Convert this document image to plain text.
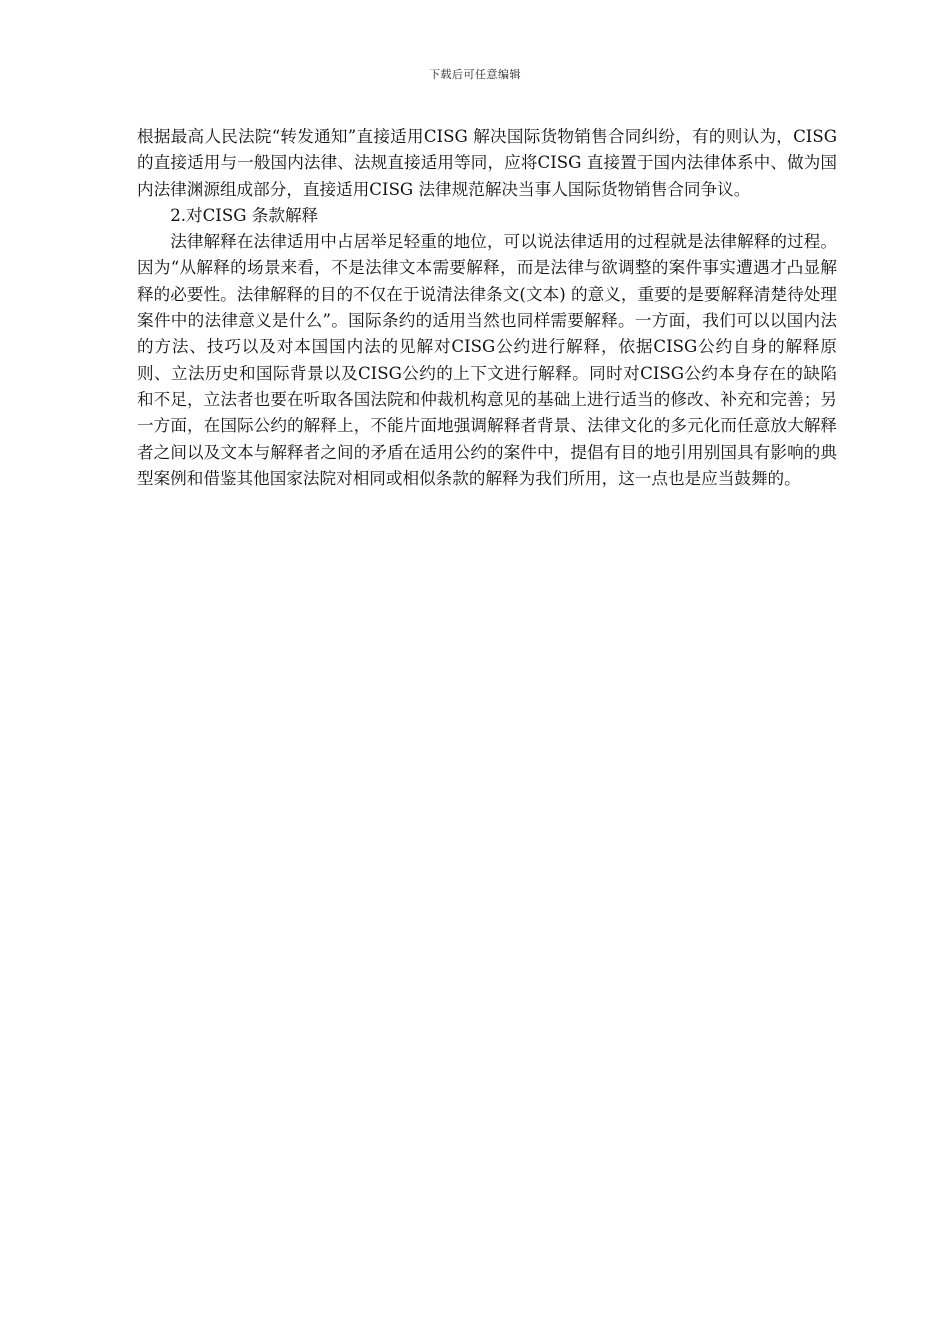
下载后可任意编辑

根据最高人民法院“转发通知”直接适用CISG 解决国际货物销售合同纠纷，有的则认为，CISG 的直接适用与一般国内法律、法规直接适用等同，应将CISG 直接置于国内法律体系中、做为国内法律渊源组成部分，直接适用CISG 法律规范解决当事人国际货物销售合同争议。

2.对CISG 条款解释

法律解释在法律适用中占居举足轻重的地位，可以说法律适用的过程就是法律解释的过程。因为“从解释的场景来看，不是法律文本需要解释，而是法律与欲调整的案件事实遭遇才凸显解释的必要性。法律解释的目的不仅在于说清法律条文(文本) 的意义，重要的是要解释清楚待处理案件中的法律意义是什么”。国际条约的适用当然也同样需要解释。一方面，我们可以以国内法的方法、技巧以及对本国国内法的见解对CISG公约进行解释，依据CISG公约自身的解释原则、立法历史和国际背景以及CISG公约的上下文进行解释。同时对CISG公约本身存在的缺陷和不足，立法者也要在听取各国法院和仲裁机构意见的基础上进行适当的修改、补充和完善；另一方面，在国际公约的解释上，不能片面地强调解释者背景、法律文化的多元化而任意放大解释者之间以及文本与解释者之间的矛盾在适用公约的案件中，提倡有目的地引用别国具有影响的典型案例和借鉴其他国家法院对相同或相似条款的解释为我们所用，这一点也是应当鼓舞的。
